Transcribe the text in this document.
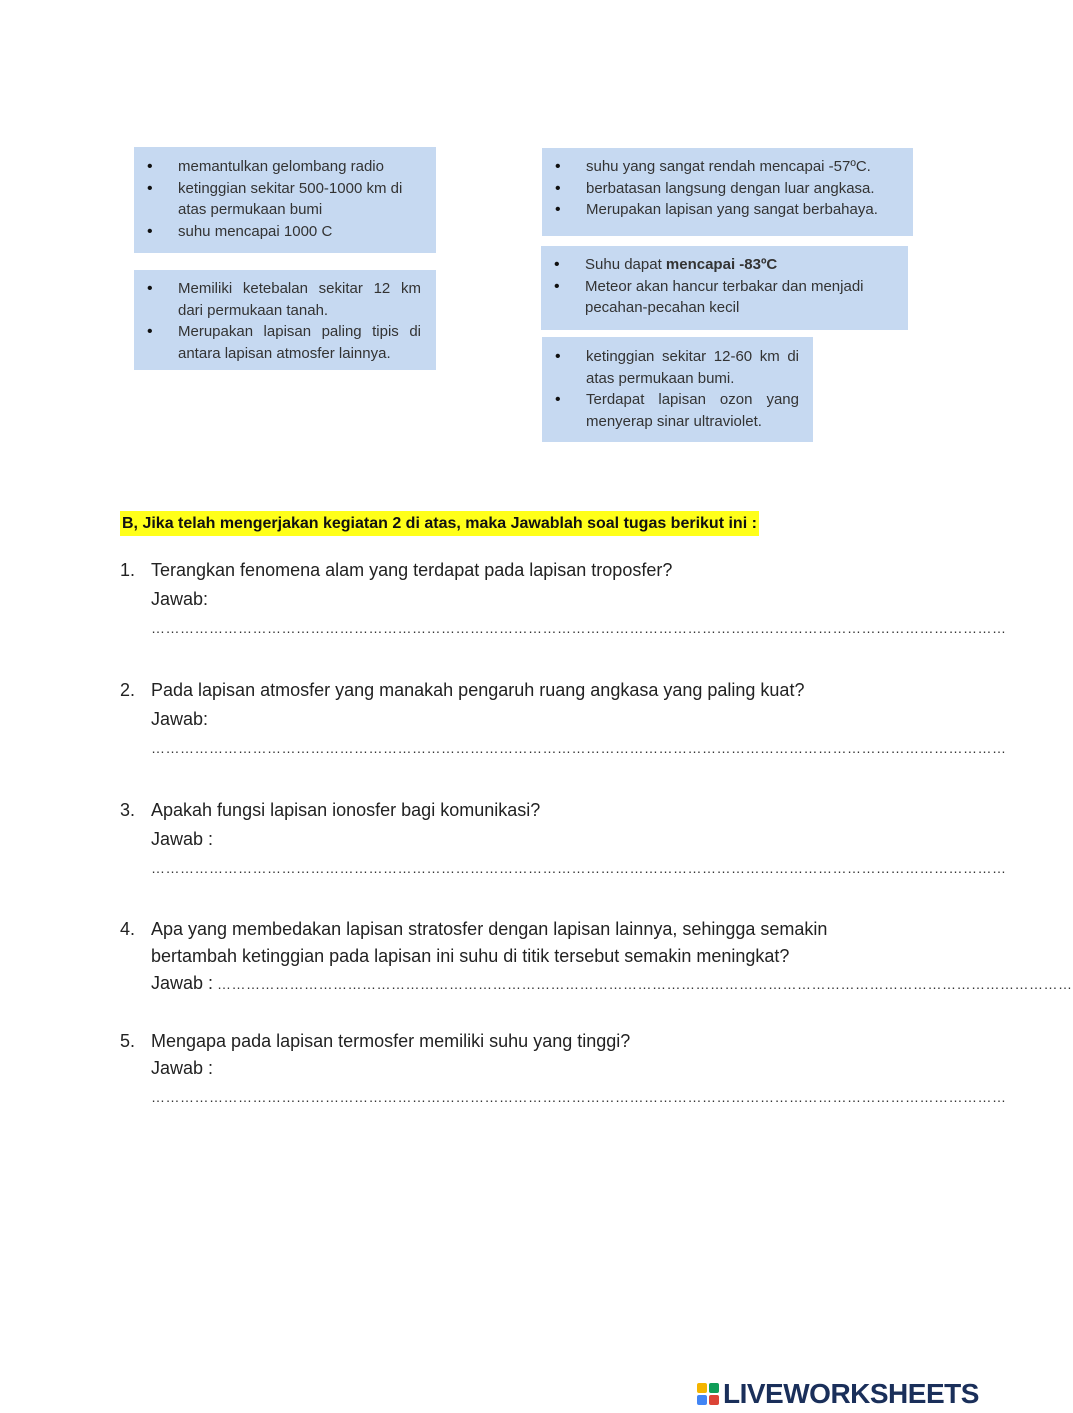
• memantulkan gelombang radio
• ketinggian sekitar 500-1000 km di atas permukaan bumi
• suhu mencapai 1000 C
• Memiliki ketebalan sekitar 12 km dari permukaan tanah.
• Merupakan lapisan paling tipis di antara lapisan atmosfer lainnya.
• suhu yang sangat rendah mencapai -57ºC.
• berbatasan langsung dengan luar angkasa.
• Merupakan lapisan yang sangat berbahaya.
• Suhu dapat mencapai -83ºC
• Meteor akan hancur terbakar dan menjadi pecahan-pecahan kecil
• ketinggian sekitar 12-60 km di atas permukaan bumi.
• Terdapat lapisan ozon yang menyerap sinar ultraviolet.
B, Jika telah mengerjakan kegiatan 2 di atas, maka Jawablah soal tugas berikut ini :
1. Terangkan fenomena alam yang terdapat pada lapisan troposfer?
Jawab:
……………………………………………………………………………………………………………………………………………………………
2. Pada lapisan atmosfer yang manakah pengaruh ruang angkasa yang paling kuat?
Jawab:
……………………………………………………………………………………………………………………………………………………………
3. Apakah fungsi lapisan ionosfer bagi komunikasi?
Jawab :
……………………………………………………………………………………………………………………………………………………………
4. Apa yang membedakan lapisan stratosfer dengan lapisan lainnya, sehingga semakin bertambah ketinggian pada lapisan ini suhu di titik tersebut semakin meningkat?
Jawab : ……………………………………………………………………………………………………………………………………………………………
5. Mengapa pada lapisan termosfer memiliki suhu yang tinggi?
Jawab :
……………………………………………………………………………………………………………………………………………………………
LIVEWORKSHEETS
